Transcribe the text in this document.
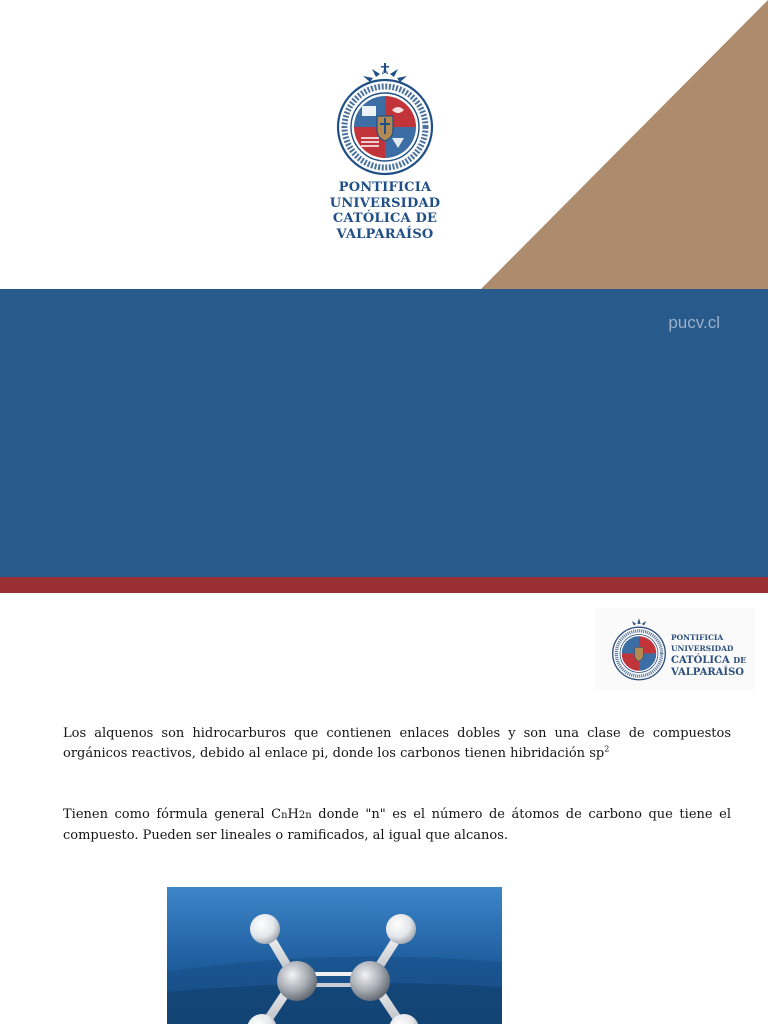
PONTIFICIA
UNIVERSIDAD
CATÓLICA DE
VALPARAÍSO
pucv.cl
PONTIFICIA
UNIVERSIDAD
CATÓLICA DE
VALPARAÍSO
Los alquenos son hidrocarburos que contienen enlaces dobles y son una clase de compuestos orgánicos reactivos, debido al enlace pi, donde los carbonos tienen hibridación $sp^2$
Tienen como fórmula general CnH2n donde "n" es el número de átomos de carbono que tiene el compuesto. Pueden ser lineales o ramificados, al igual que alcanos.
